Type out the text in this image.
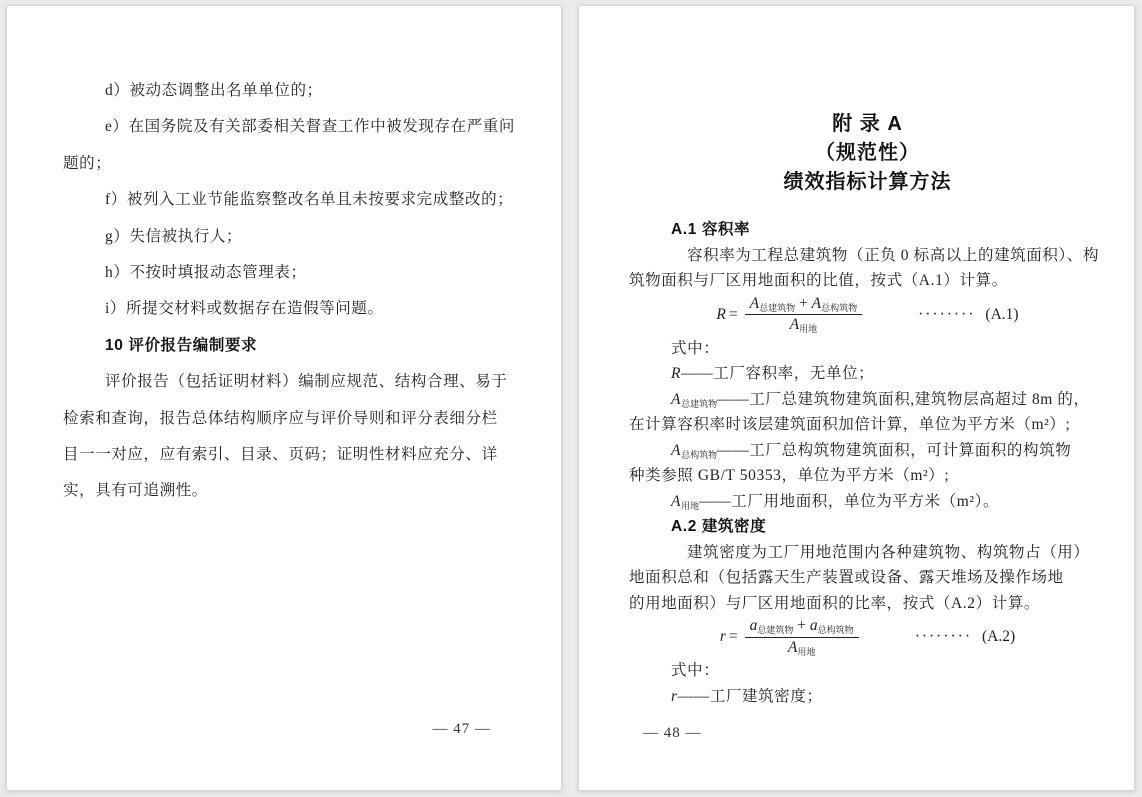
d）被动态调整出名单单位的；
e）在国务院及有关部委相关督查工作中被发现存在严重问
题的；
f）被列入工业节能监察整改名单且未按要求完成整改的；
g）失信被执行人；
h）不按时填报动态管理表；
i）所提交材料或数据存在造假等问题。
10 评价报告编制要求
评价报告（包括证明材料）编制应规范、结构合理、易于
检索和查询，报告总体结构顺序应与评价导则和评分表细分栏
目一一对应，应有索引、目录、页码；证明性材料应充分、详
实，具有可追溯性。
— 47 —
附 录 A
（规范性）
绩效指标计算方法
A.1 容积率
容积率为工程总建筑物（正负 0 标高以上的建筑面积）、构
筑物面积与厂区用地面积的比值，按式（A.1）计算。
$R = \frac{A_{总建筑物} + A_{总构筑物}}{A_{用地}}$	········ (A.1)
式中：
R——工厂容积率，无单位；
$A_{总建筑物}——$工厂总建筑物建筑面积,建筑物层高超过 8m 的，
在计算容积率时该层建筑面积加倍计算，单位为平方米（m²）;
$A_{总构筑物}——$工厂总构筑物建筑面积，可计算面积的构筑物
种类参照 GB/T 50353，单位为平方米（m²）;
$A_{用地}——$工厂用地面积，单位为平方米（m²）。
A.2 建筑密度
建筑密度为工厂用地范围内各种建筑物、构筑物占（用）
地面积总和（包括露天生产装置或设备、露天堆场及操作场地
的用地面积）与厂区用地面积的比率，按式（A.2）计算。
$r = \frac{a_{总建筑物} + a_{总构筑物}}{A_{用地}}$	········ (A.2)
式中：
r——工厂建筑密度；
— 48 —
